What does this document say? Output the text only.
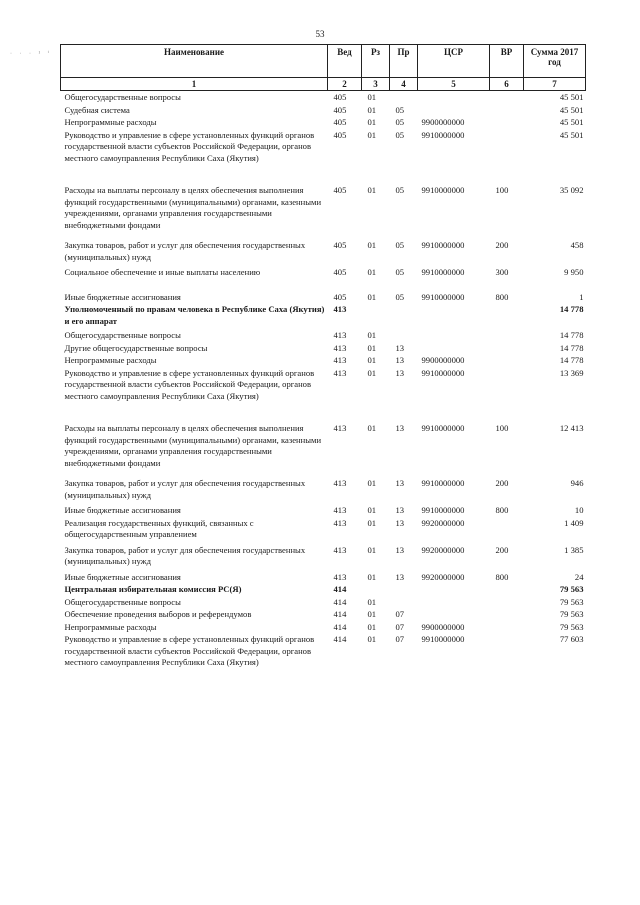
53
· · · ¹ ⁱ	Наименование	Вед	Рз	Пр	ЦСР	ВР	Сумма 2017 год
1	2	3	4	5	6	7
Общегосударственные вопросы	405	01				45 501
Судебная система	405	01	05			45 501
Непрограммные расходы	405	01	05	9900000000		45 501
Руководство и управление в сфере установленных функций органов государственной власти субъектов Российской Федерации, органов местного самоуправления Республики Саха (Якутия)	405	01	05	9910000000		45 501
Расходы на выплаты персоналу в целях обеспечения выполнения функций государственными (муниципальными) органами, казенными учреждениями, органами управления государственными внебюджетными фондами	405	01	05	9910000000	100	35 092
Закупка товаров, работ и услуг для обеспечения государственных (муниципальных) нужд	405	01	05	9910000000	200	458
Социальное обеспечение и иные выплаты населению	405	01	05	9910000000	300	9 950
Иные бюджетные ассигнования	405	01	05	9910000000	800	1
Уполномоченный по правам человека в Республике Саха (Якутия) и его аппарат	413					14 778
Общегосударственные вопросы	413	01				14 778
Другие общегосударственные вопросы	413	01	13			14 778
Непрограммные расходы	413	01	13	9900000000		14 778
Руководство и управление в сфере установленных функций органов государственной власти субъектов Российской Федерации, органов местного самоуправления Республики Саха (Якутия)	413	01	13	9910000000		13 369
Расходы на выплаты персоналу в целях обеспечения выполнения функций государственными (муниципальными) органами, казенными учреждениями, органами управления государственными внебюджетными фондами	413	01	13	9910000000	100	12 413
Закупка товаров, работ и услуг для обеспечения государственных (муниципальных) нужд	413	01	13	9910000000	200	946
Иные бюджетные ассигнования	413	01	13	9910000000	800	10
Реализация государственных функций, связанных с общегосударственным управлением	413	01	13	9920000000		1 409
Закупка товаров, работ и услуг для обеспечения государственных (муниципальных) нужд	413	01	13	9920000000	200	1 385
Иные бюджетные ассигнования	413	01	13	9920000000	800	24
Центральная избирательная комиссия РС(Я)	414					79 563
Общегосударственные вопросы	414	01				79 563
Обеспечение проведения выборов и референдумов	414	01	07			79 563
Непрограммные расходы	414	01	07	9900000000		79 563
Руководство и управление в сфере установленных функций органов государственной власти субъектов Российской Федерации, органов местного самоуправления Республики Саха (Якутия)	414	01	07	9910000000		77 603
